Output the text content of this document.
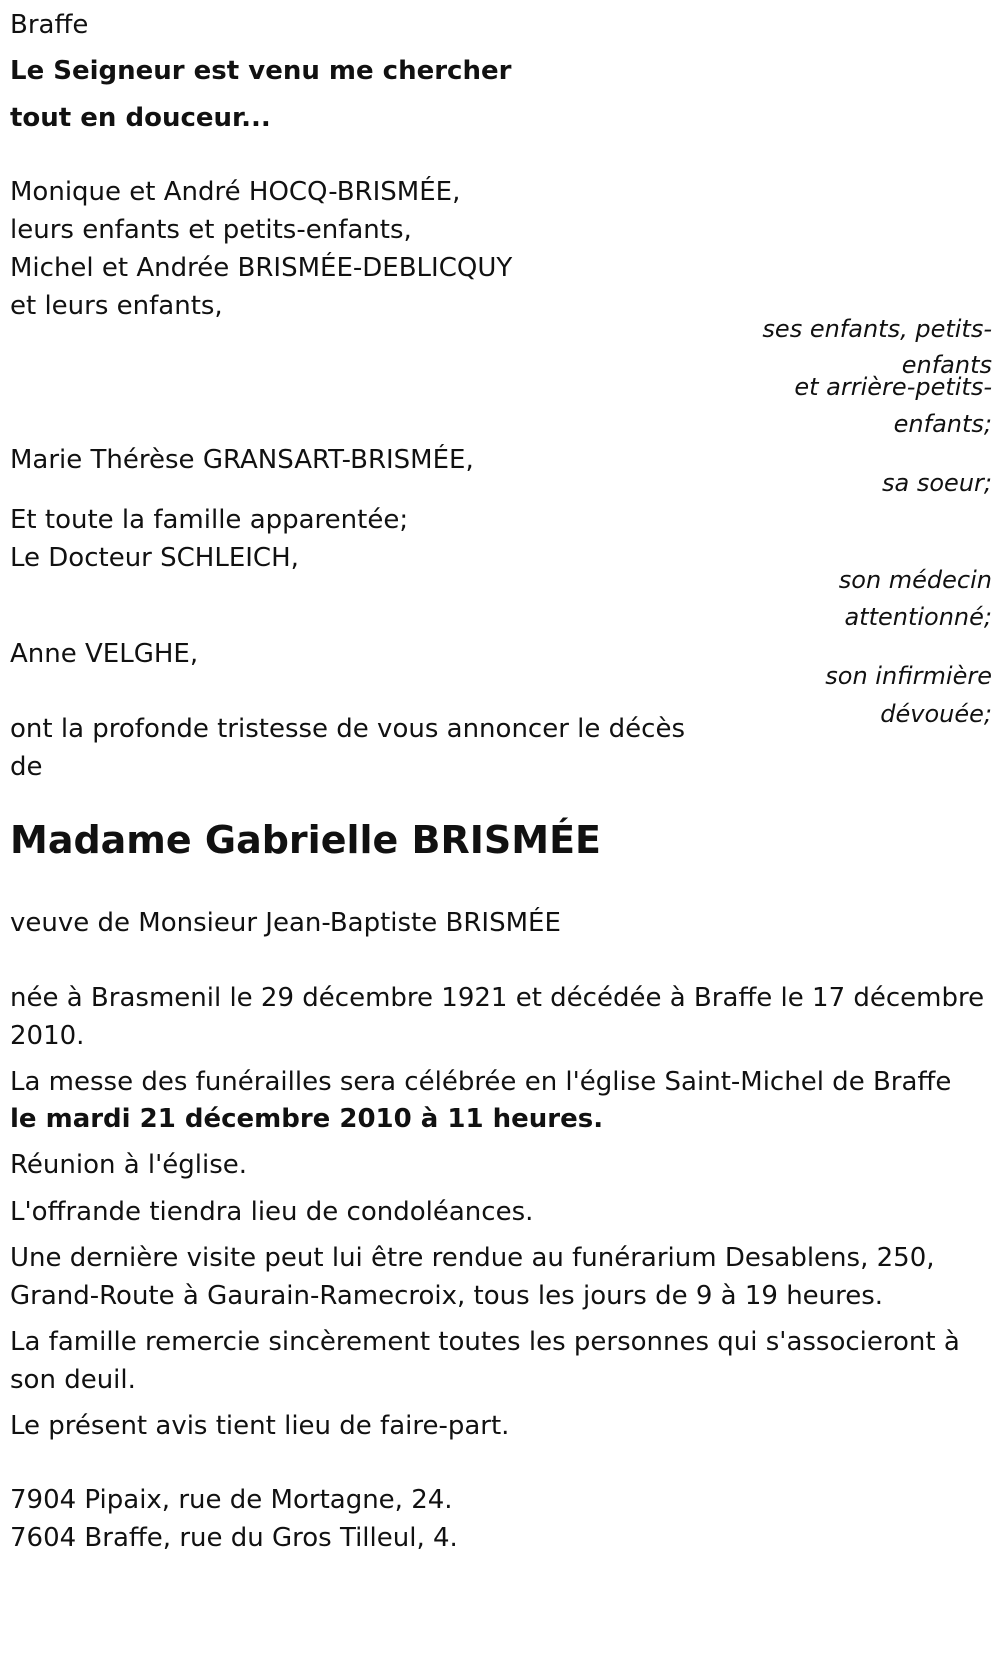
Braffe
Le Seigneur est venu me chercher
tout en douceur...
Monique et André HOCQ-BRISMÉE,
leurs enfants et petits-enfants,
Michel et Andrée BRISMÉE-DEBLICQUY
et leurs enfants,
ses enfants, petits-
enfants
et arrière-petits-
enfants;
Marie Thérèse GRANSART-BRISMÉE,
sa soeur;
Et toute la famille apparentée;
Le Docteur SCHLEICH,
son médecin
attentionné;
Anne VELGHE,
son infirmière
dévouée;
ont la profonde tristesse de vous annoncer le décès de
Madame Gabrielle BRISMÉE
veuve de Monsieur Jean-Baptiste BRISMÉE
née à Brasmenil le 29 décembre 1921 et décédée à Braffe le 17 décembre 2010.
La messe des funérailles sera célébrée en l'église Saint-Michel de Braffe
le mardi 21 décembre 2010 à 11 heures.
Réunion à l'église.
L'offrande tiendra lieu de condoléances.
Une dernière visite peut lui être rendue au funérarium Desablens, 250, Grand-Route à Gaurain-Ramecroix, tous les jours de 9 à 19 heures.
La famille remercie sincèrement toutes les personnes qui s'associeront à son deuil.
Le présent avis tient lieu de faire-part.
7904 Pipaix, rue de Mortagne, 24.
7604 Braffe, rue du Gros Tilleul, 4.
